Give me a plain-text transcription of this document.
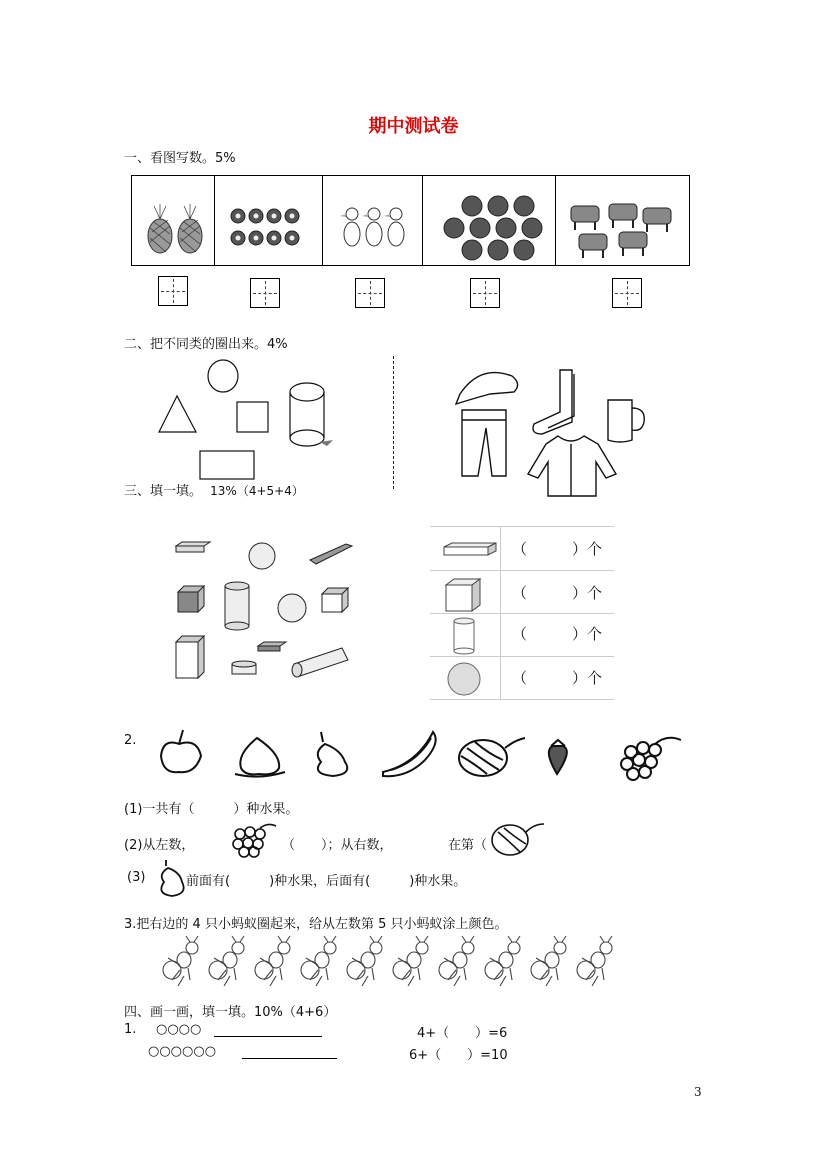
期中测试卷
一、看图写数。5%
二、把不同类的圈出来。4%
三、填一填。 13%（4+5+4）
（　　　）个
（　　　）个
（　　　）个
（　　　）个
2.
(1)一共有（　　　）种水果。
(2)从左数，	（　　）；从右数，	在第（
(3)	前面有(　　　)种水果，后面有(　　　)种水果。
3.把右边的 4 只小蚂蚁圈起来，给从左数第 5 只小蚂蚁涂上颜色。
四、画一画，填一填。10%（4+6）
1. ○○○○	4+（　　）=6
○○○○○○	6+（　　）=10
3
